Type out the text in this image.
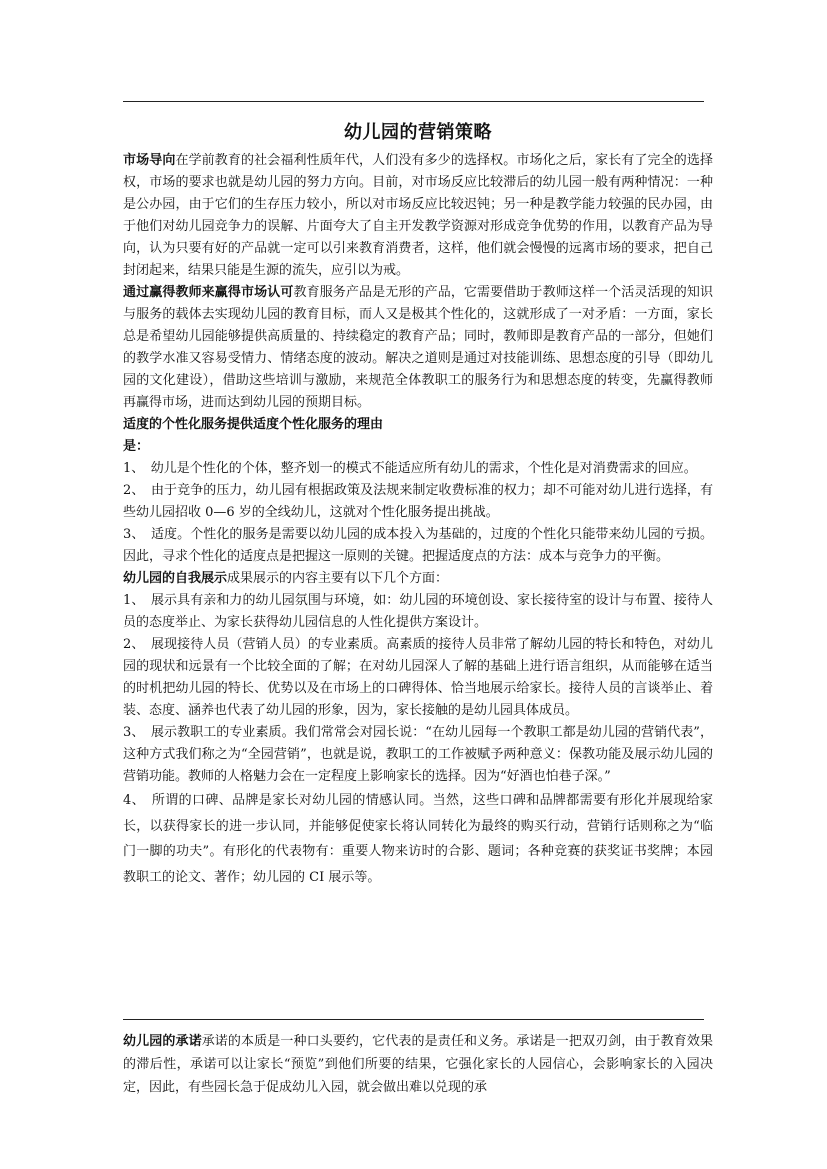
幼儿园的营销策略

市场导向在学前教育的社会福利性质年代，人们没有多少的选择权。市场化之后，家长有了完全的选择权，市场的要求也就是幼儿园的努力方向。目前，对市场反应比较滞后的幼儿园一般有两种情况：一种是公办园，由于它们的生存压力较小，所以对市场反应比较迟钝；另一种是教学能力较强的民办园，由于他们对幼儿园竞争力的误解、片面夸大了自主开发教学资源对形成竞争优势的作用，以教育产品为导向，认为只要有好的产品就一定可以引来教育消费者，这样，他们就会慢慢的远离市场的要求，把自己封闭起来，结果只能是生源的流失，应引以为戒。

通过赢得教师来赢得市场认可教育服务产品是无形的产品，它需要借助于教师这样一个活灵活现的知识与服务的载体去实现幼儿园的教育目标，而人又是极其个性化的，这就形成了一对矛盾：一方面，家长总是希望幼儿园能够提供高质量的、持续稳定的教育产品；同时，教师即是教育产品的一部分，但她们的教学水准又容易受情力、情绪态度的波动。解决之道则是通过对技能训练、思想态度的引导（即幼儿园的文化建设），借助这些培训与激励，来规范全体教职工的服务行为和思想态度的转变，先赢得教师再赢得市场，进而达到幼儿园的预期目标。

适度的个性化服务提供适度个性化服务的理由
是：

1、　幼儿是个性化的个体，整齐划一的模式不能适应所有幼儿的需求，个性化是对消费需求的回应。

2、　由于竞争的压力，幼儿园有根据政策及法规来制定收费标准的权力；却不可能对幼儿进行选择，有些幼儿园招收 0—6 岁的全线幼儿，这就对个性化服务提出挑战。

3、　适度。个性化的服务是需要以幼儿园的成本投入为基础的，过度的个性化只能带来幼儿园的亏损。因此，寻求个性化的适度点是把握这一原则的关键。把握适度点的方法：成本与竞争力的平衡。

幼儿园的自我展示成果展示的内容主要有以下几个方面：

1、　展示具有亲和力的幼儿园氛围与环境，如：幼儿园的环境创设、家长接待室的设计与布置、接待人员的态度举止、为家长获得幼儿园信息的人性化提供方案设计。

2、　展现接待人员（营销人员）的专业素质。高素质的接待人员非常了解幼儿园的特长和特色，对幼儿园的现状和远景有一个比较全面的了解；在对幼儿园深人了解的基础上进行语言组织，从而能够在适当的时机把幼儿园的特长、优势以及在市场上的口碑得体、恰当地展示给家长。接待人员的言谈举止、着装、态度、涵养也代表了幼儿园的形象，因为，家长接触的是幼儿园具体成员。

3、　展示教职工的专业素质。我们常常会对园长说：“在幼儿园每一个教职工都是幼儿园的营销代表”，这种方式我们称之为“全园营销”，也就是说，教职工的工作被赋予两种意义：保教功能及展示幼儿园的营销功能。教师的人格魅力会在一定程度上影响家长的选择。因为“好酒也怕巷子深。”

4、　所谓的口碑、品牌是家长对幼儿园的情感认同。当然，这些口碑和品牌都需要有形化并展现给家长，以获得家长的进一步认同，并能够促使家长将认同转化为最终的购买行动，营销行话则称之为“临门一脚的功夫”。有形化的代表物有：重要人物来访时的合影、题词；各种竞赛的获奖证书奖牌；本园教职工的论文、著作；幼儿园的 CI 展示等。

幼儿园的承诺承诺的本质是一种口头要约，它代表的是责任和义务。承诺是一把双刃剑，由于教育效果的滞后性，承诺可以让家长“预览”到他们所要的结果，它强化家长的人园信心，会影响家长的入园决定，因此，有些园长急于促成幼儿入园，就会做出难以兑现的承
